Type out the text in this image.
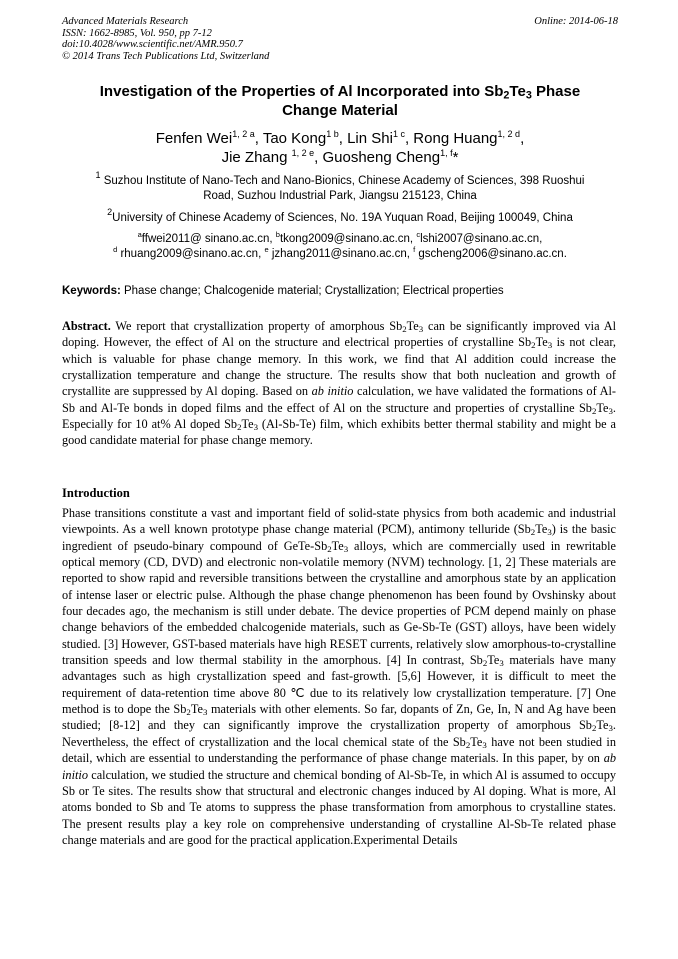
Advanced Materials Research
ISSN: 1662-8985, Vol. 950, pp 7-12
doi:10.4028/www.scientific.net/AMR.950.7
© 2014 Trans Tech Publications Ltd, Switzerland
Online: 2014-06-18
Investigation of the Properties of Al Incorporated into $Sb_2Te_3$ Phase
Change Material
Fenfen Wei$^{1, 2 a}$, Tao Kong$^{1 b}$, Lin Shi$^{1 c}$, Rong Huang$^{1, 2 d}$,
Jie Zhang $^{1, 2 e}$, Guosheng Cheng$^{1, f}$*
$^1$ Suzhou Institute of Nano-Tech and Nano-Bionics, Chinese Academy of Sciences, 398 Ruoshui
Road, Suzhou Industrial Park, Jiangsu 215123, China
$^2$University of Chinese Academy of Sciences, No. 19A Yuquan Road, Beijing 100049, China
$^a$ffwei2011@ sinano.ac.cn, $^b$tkong2009@sinano.ac.cn, $^c$lshi2007@sinano.ac.cn,
$^d$ rhuang2009@sinano.ac.cn, $^e$ jzhang2011@sinano.ac.cn, $^f$ gscheng2006@sinano.ac.cn.
Keywords: Phase change; Chalcogenide material; Crystallization; Electrical properties
Abstract. We report that crystallization property of amorphous $Sb_2Te_3$ can be significantly improved via Al doping. However, the effect of Al on the structure and electrical properties of crystalline $Sb_2Te_3$ is not clear, which is valuable for phase change memory. In this work, we find that Al addition could increase the crystallization temperature and change the structure. The results show that both nucleation and growth of crystallite are suppressed by Al doping. Based on ab initio calculation, we have validated the formations of Al-Sb and Al-Te bonds in doped films and the effect of Al on the structure and properties of crystalline $Sb_2Te_3$. Especially for 10 at% Al doped $Sb_2Te_3$ (Al-Sb-Te) film, which exhibits better thermal stability and might be a good candidate material for phase change memory.
Introduction
Phase transitions constitute a vast and important field of solid-state physics from both academic and industrial viewpoints. As a well known prototype phase change material (PCM), antimony telluride $(Sb_2Te_3)$ is the basic ingredient of pseudo-binary compound of GeTe-$Sb_2Te_3$ alloys, which are commercially used in rewritable optical memory (CD, DVD) and electronic non-volatile memory (NVM) technology. [1, 2] These materials are reported to show rapid and reversible transitions between the crystalline and amorphous state by an application of intense laser or electric pulse. Although the phase change phenomenon has been found by Ovshinsky about four decades ago, the mechanism is still under debate. The device properties of PCM depend mainly on phase change behaviors of the embedded chalcogenide materials, such as Ge-Sb-Te (GST) alloys, have been widely studied. [3] However, GST-based materials have high RESET currents, relatively slow amorphous-to-crystalline transition speeds and low thermal stability in the amorphous. [4] In contrast, $Sb_2Te_3$ materials have many advantages such as high crystallization speed and fast-growth. [5,6] However, it is difficult to meet the requirement of data-retention time above 80 ℃ due to its relatively low crystallization temperature. [7] One method is to dope the $Sb_2Te_3$ materials with other elements. So far, dopants of Zn, Ge, In, N and Ag have been studied; [8-12] and they can significantly improve the crystallization property of amorphous $Sb_2Te_3$. Nevertheless, the effect of crystallization and the local chemical state of the $Sb_2Te_3$ have not been studied in detail, which are essential to understanding the performance of phase change materials. In this paper, by on ab initio calculation, we studied the structure and chemical bonding of Al-Sb-Te, in which Al is assumed to occupy Sb or Te sites. The results show that structural and electronic changes induced by Al doping. What is more, Al atoms bonded to Sb and Te atoms to suppress the phase transformation from amorphous to crystalline states. The present results play a key role on comprehensive understanding of crystalline Al-Sb-Te related phase change materials and are good for the practical application.Experimental Details
